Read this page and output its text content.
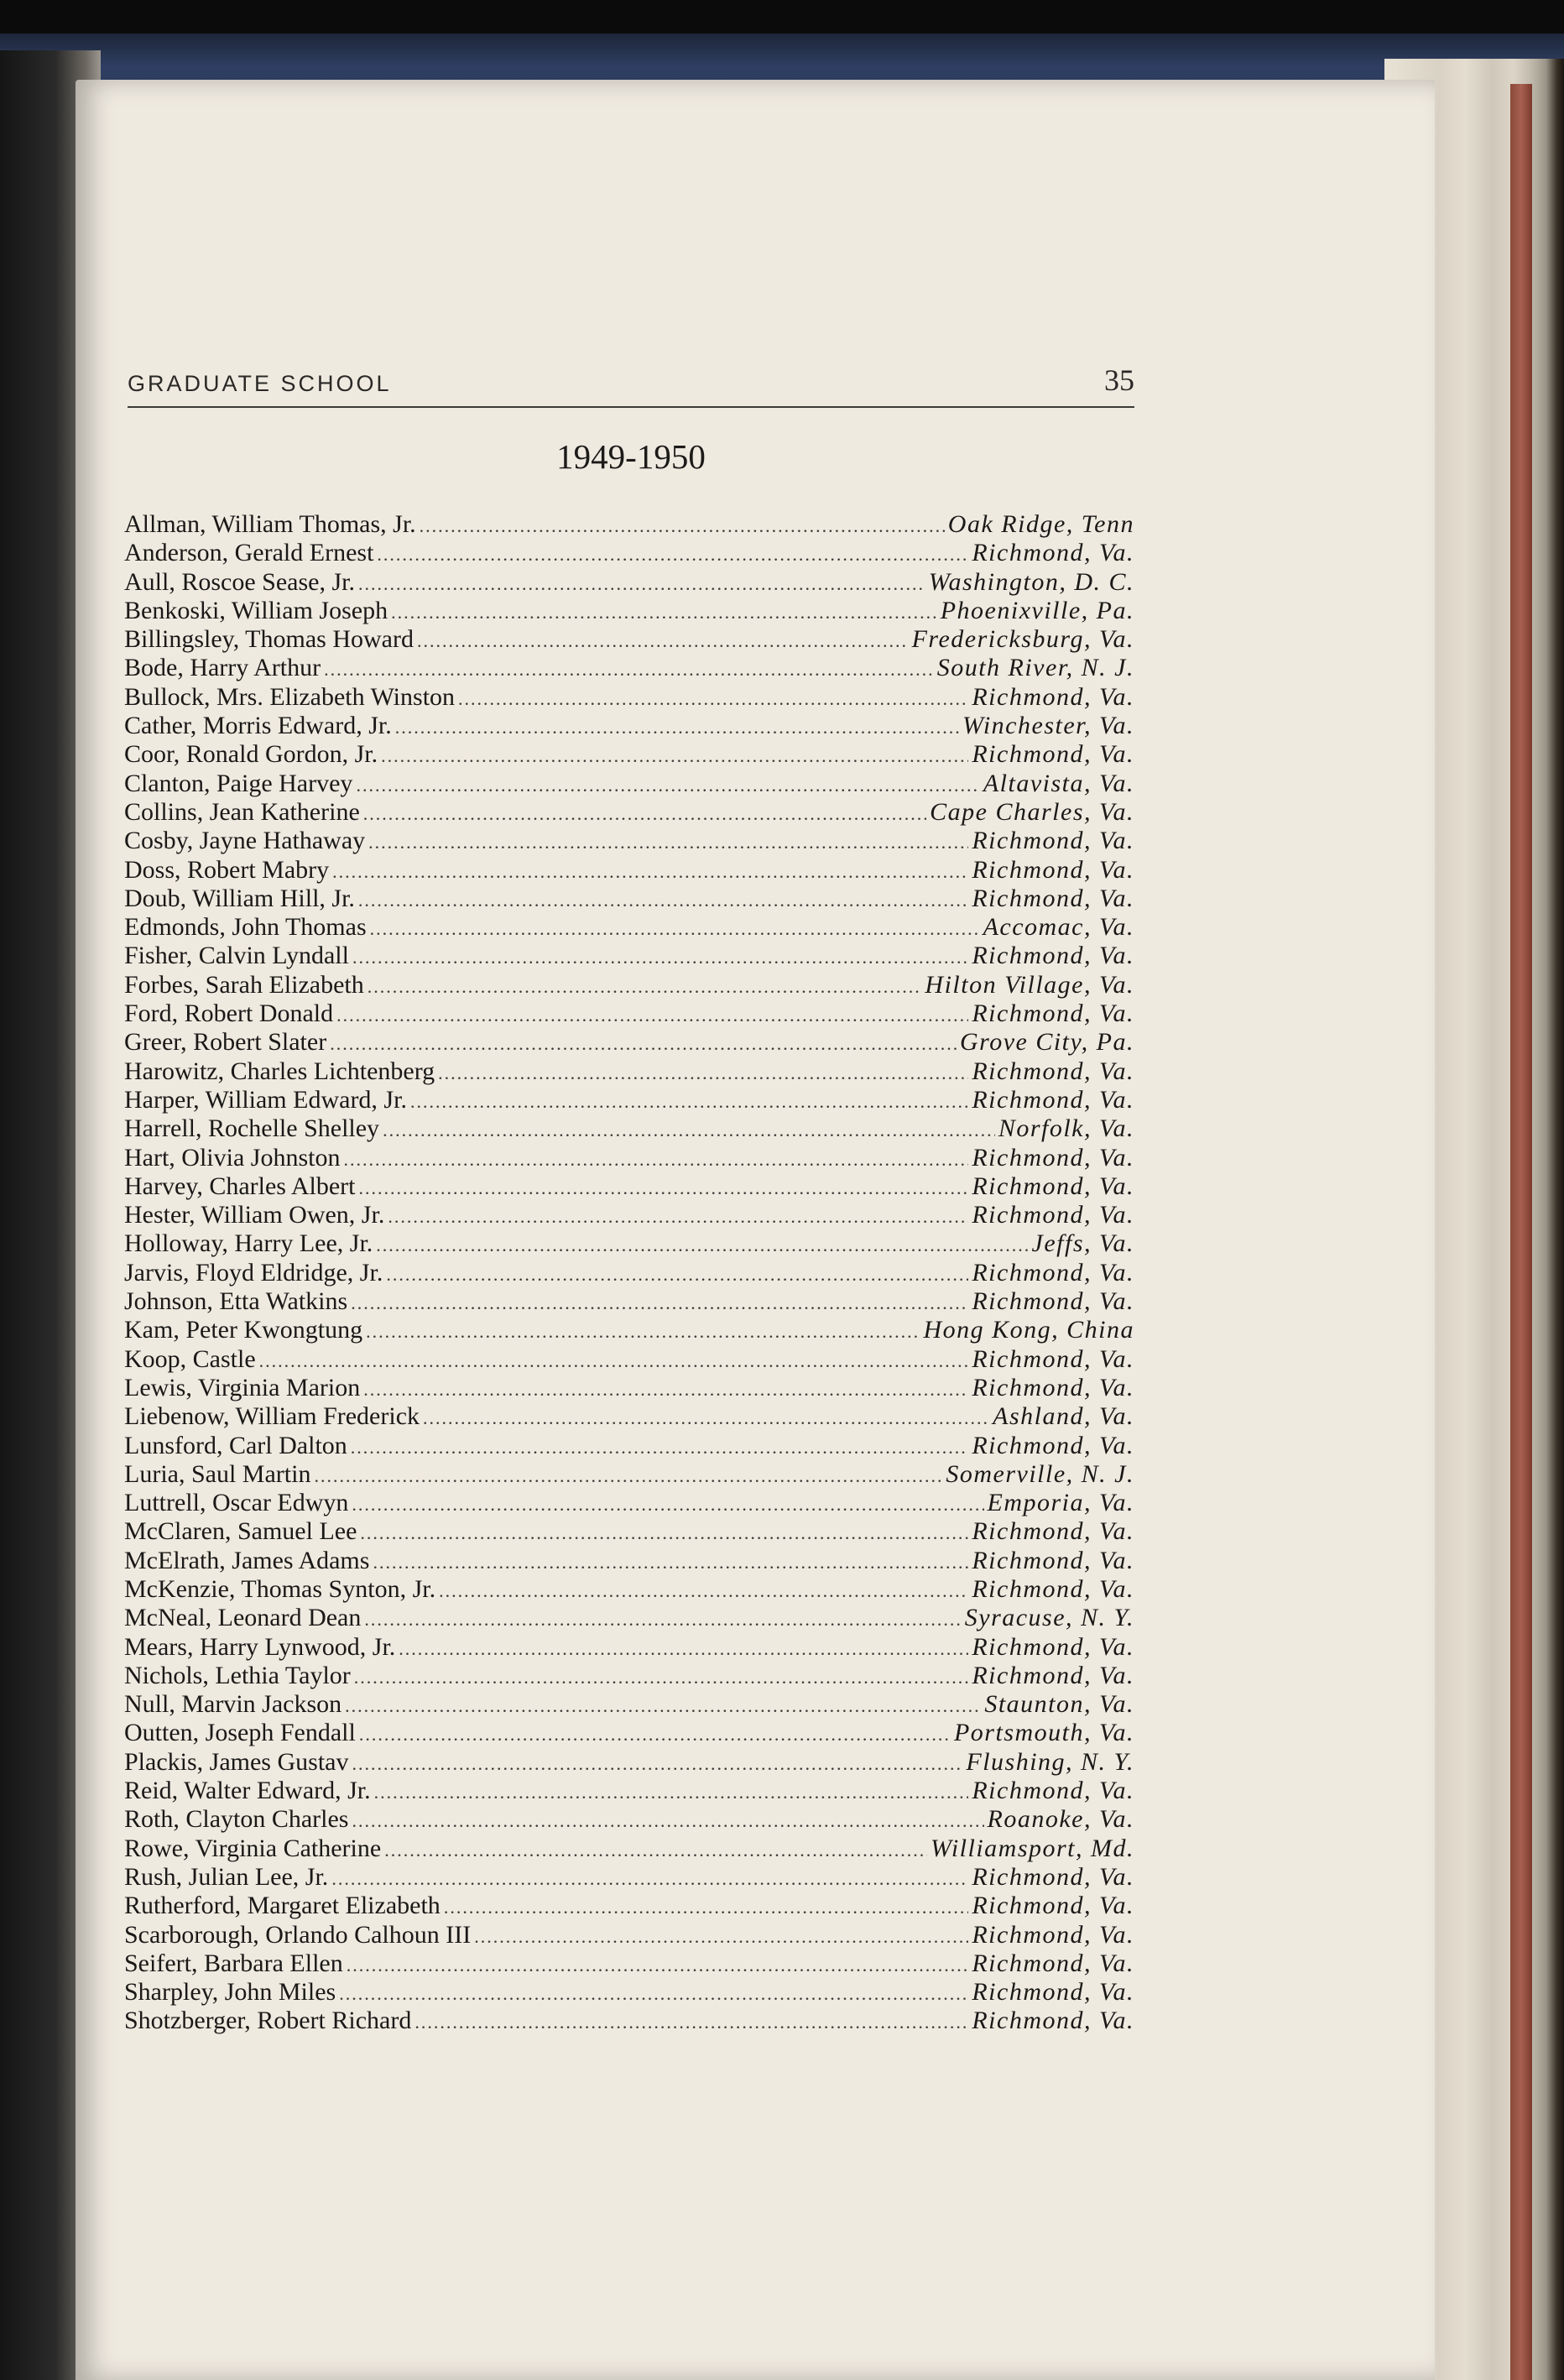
GRADUATE SCHOOL	35
1949-1950
Allman, William Thomas, Jr. .....	Oak Ridge, Tenn
Anderson, Gerald Ernest .....	Richmond, Va.
Aull, Roscoe Sease, Jr. .....	Washington, D. C.
Benkoski, William Joseph .....	Phoenixville, Pa.
Billingsley, Thomas Howard .....	Fredericksburg, Va.
Bode, Harry Arthur .....	South River, N. J.
Bullock, Mrs. Elizabeth Winston .....	Richmond, Va.
Cather, Morris Edward, Jr. .....	Winchester, Va.
Coor, Ronald Gordon, Jr. .....	Richmond, Va.
Clanton, Paige Harvey .....	Altavista, Va.
Collins, Jean Katherine .....	Cape Charles, Va.
Cosby, Jayne Hathaway .....	Richmond, Va.
Doss, Robert Mabry .....	Richmond, Va.
Doub, William Hill, Jr. .....	Richmond, Va.
Edmonds, John Thomas .....	Accomac, Va.
Fisher, Calvin Lyndall .....	Richmond, Va.
Forbes, Sarah Elizabeth .....	Hilton Village, Va.
Ford, Robert Donald .....	Richmond, Va.
Greer, Robert Slater .....	Grove City, Pa.
Harowitz, Charles Lichtenberg .....	Richmond, Va.
Harper, William Edward, Jr. .....	Richmond, Va.
Harrell, Rochelle Shelley .....	Norfolk, Va.
Hart, Olivia Johnston .....	Richmond, Va.
Harvey, Charles Albert .....	Richmond, Va.
Hester, William Owen, Jr. .....	Richmond, Va.
Holloway, Harry Lee, Jr. .....	Jeffs, Va.
Jarvis, Floyd Eldridge, Jr. .....	Richmond, Va.
Johnson, Etta Watkins .....	Richmond, Va.
Kam, Peter Kwongtung .....	Hong Kong, China
Koop, Castle .....	Richmond, Va.
Lewis, Virginia Marion .....	Richmond, Va.
Liebenow, William Frederick .....	Ashland, Va.
Lunsford, Carl Dalton .....	Richmond, Va.
Luria, Saul Martin .....	Somerville, N. J.
Luttrell, Oscar Edwyn .....	Emporia, Va.
McClaren, Samuel Lee .....	Richmond, Va.
McElrath, James Adams .....	Richmond, Va.
McKenzie, Thomas Synton, Jr. .....	Richmond, Va.
McNeal, Leonard Dean .....	Syracuse, N. Y.
Mears, Harry Lynwood, Jr. .....	Richmond, Va.
Nichols, Lethia Taylor .....	Richmond, Va.
Null, Marvin Jackson .....	Staunton, Va.
Outten, Joseph Fendall .....	Portsmouth, Va.
Plackis, James Gustav .....	Flushing, N. Y.
Reid, Walter Edward, Jr. .....	Richmond, Va.
Roth, Clayton Charles .....	Roanoke, Va.
Rowe, Virginia Catherine .....	Williamsport, Md.
Rush, Julian Lee, Jr. .....	Richmond, Va.
Rutherford, Margaret Elizabeth .....	Richmond, Va.
Scarborough, Orlando Calhoun III .....	Richmond, Va.
Seifert, Barbara Ellen .....	Richmond, Va.
Sharpley, John Miles .....	Richmond, Va.
Shotzberger, Robert Richard .....	Richmond, Va.
